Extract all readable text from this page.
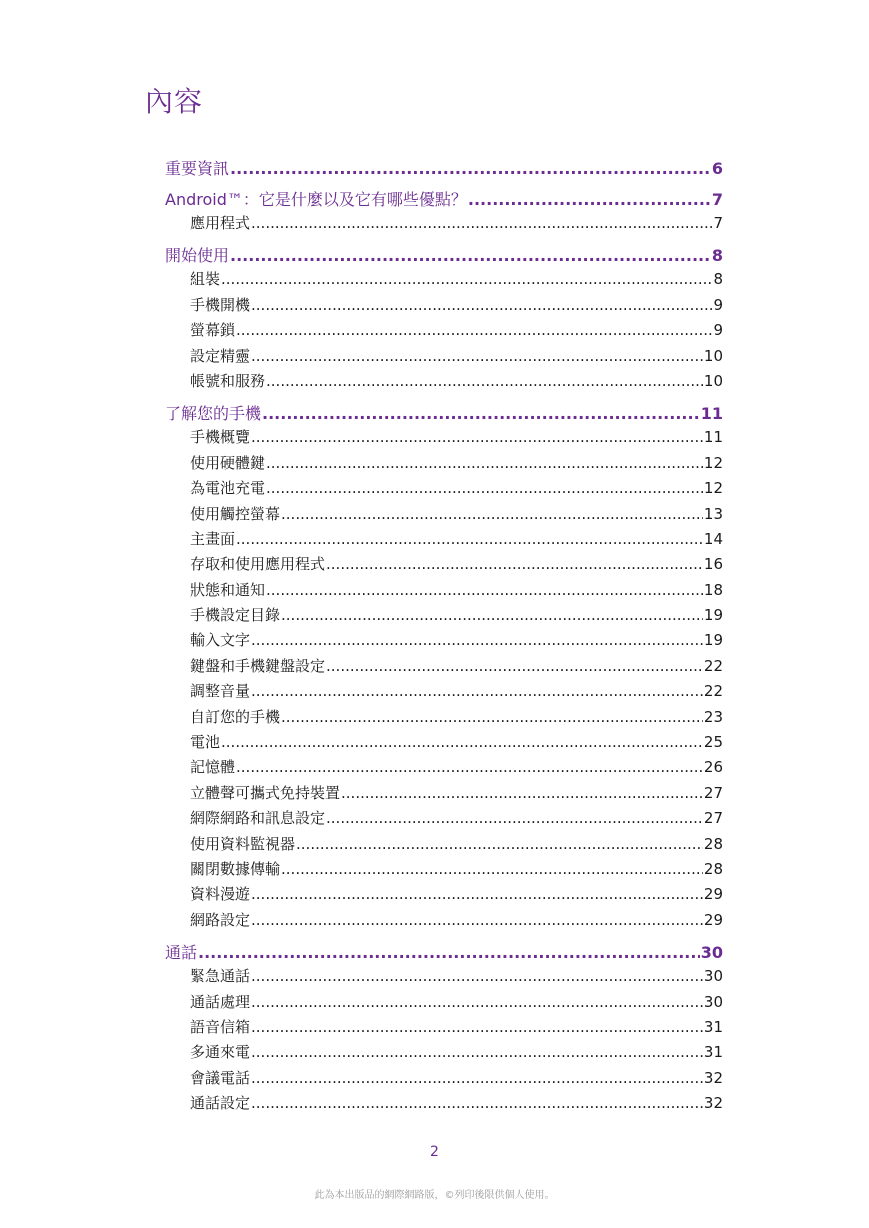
內容
重要資訊 .....	6
Android™：它是什麼以及它有哪些優點？ .....	7
應用程式 .....	7
開始使用 .....	8
組裝 .....	8
手機開機 .....	9
螢幕鎖 .....	9
設定精靈 .....	10
帳號和服務 .....	10
了解您的手機 .....	11
手機概覽 .....	11
使用硬體鍵 .....	12
為電池充電 .....	12
使用觸控螢幕 .....	13
主畫面 .....	14
存取和使用應用程式 .....	16
狀態和通知 .....	18
手機設定目錄 .....	19
輸入文字 .....	19
鍵盤和手機鍵盤設定 .....	22
調整音量 .....	22
自訂您的手機 .....	23
電池 .....	25
記憶體 .....	26
立體聲可攜式免持裝置 .....	27
網際網路和訊息設定 .....	27
使用資料監視器 .....	28
關閉數據傳輸 .....	28
資料漫遊 .....	29
網路設定 .....	29
通話 .....	30
緊急通話 .....	30
通話處理 .....	30
語音信箱 .....	31
多通來電 .....	31
會議電話 .....	32
通話設定 .....	32
2
此為本出版品的網際網路版，©列印後限供個人使用。
